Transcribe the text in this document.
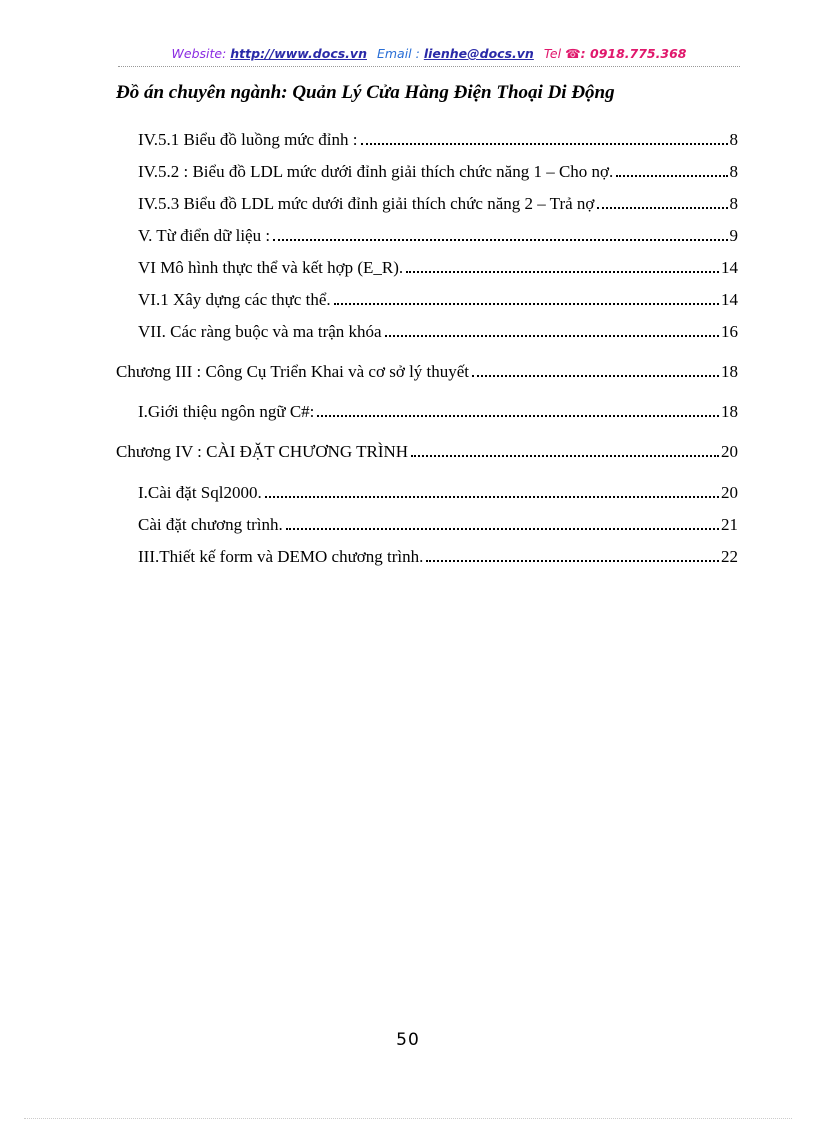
Website: http://www.docs.vn Email : lienhe@docs.vn Tel ☎: 0918.775.368
Đồ án chuyên ngành: Quản Lý Cửa Hàng Điện Thoại Di Động
IV.5.1 Biểu đồ luồng mức đỉnh :	8
IV.5.2 : Biểu đồ LDL mức dưới đỉnh giải thích chức năng 1 – Cho nợ.	8
IV.5.3 Biểu đồ LDL mức dưới đỉnh giải thích chức năng 2 – Trả nợ	8
V. Từ điển dữ liệu :	9
VI Mô hình thực thể và kết hợp (E_R).	14
VI.1 Xây dựng các thực thể.	14
VII. Các ràng buộc và ma trận khóa	16
Chương III : Công Cụ Triển Khai và cơ sở lý thuyết	18
I.Giới thiệu ngôn ngữ C#:	18
Chương IV : CÀI ĐẶT CHƯƠNG TRÌNH	20
I.Cài đặt Sql2000.	20
Cài đặt chương trình.	21
III.Thiết kế form và DEMO chương trình.	22
50
